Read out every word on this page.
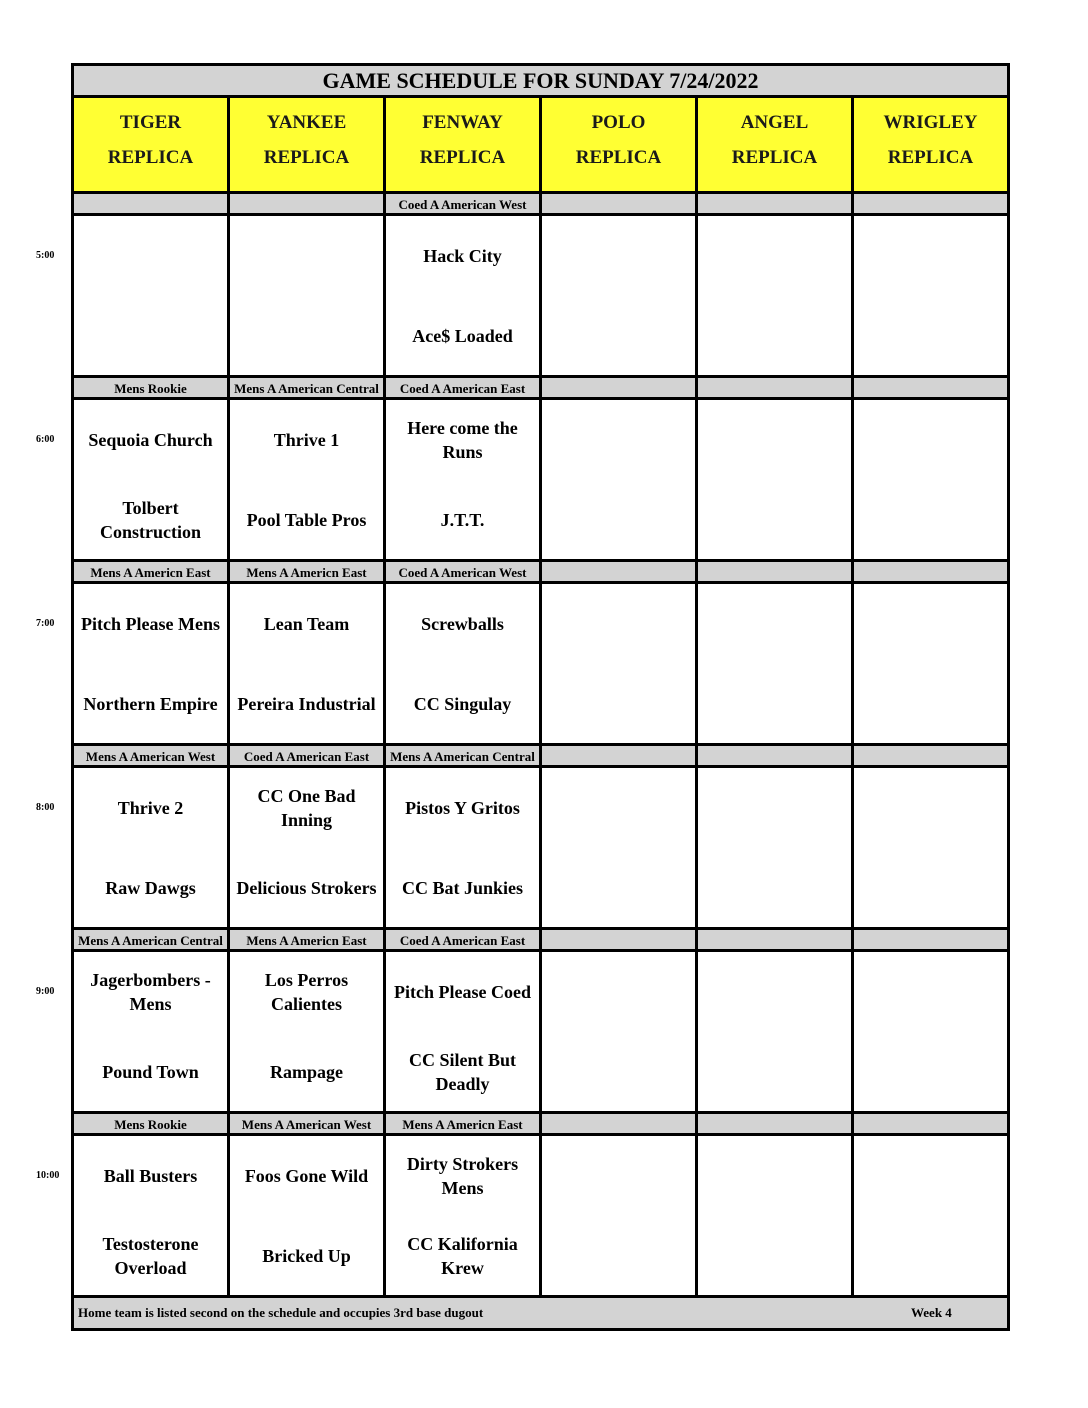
GAME SCHEDULE FOR SUNDAY 7/24/2022
TIGER
REPLICA
YANKEE
REPLICA
FENWAY
REPLICA
POLO
REPLICA
ANGEL
REPLICA
WRIGLEY
REPLICA
Coed A American West
Hack City
Ace$ Loaded
Mens Rookie
Sequoia Church
Tolbert Construction
Mens A American Central
Thrive 1
Pool Table Pros
Coed A American East
Here come the Runs
J.T.T.
Mens A Americn East
Pitch Please Mens
Northern Empire
Mens A Americn East
Lean Team
Pereira Industrial
Coed A American West
Screwballs
CC Singulay
Mens A American West
Thrive 2
Raw Dawgs
Coed A American East
CC One Bad Inning
Delicious Strokers
Mens A American Central
Pistos Y Gritos
CC Bat Junkies
Mens A American Central
Jagerbombers - Mens
Pound Town
Mens A Americn East
Los Perros Calientes
Rampage
Coed A American East
Pitch Please Coed
CC Silent But Deadly
Mens Rookie
Ball Busters
Testosterone Overload
Mens A American West
Foos Gone Wild
Bricked Up
Mens A Americn East
Dirty Strokers Mens
CC Kalifornia Krew
Home team is listed second on the schedule and occupies 3rd base dugout	Week 4
5:00
6:00
7:00
8:00
9:00
10:00
